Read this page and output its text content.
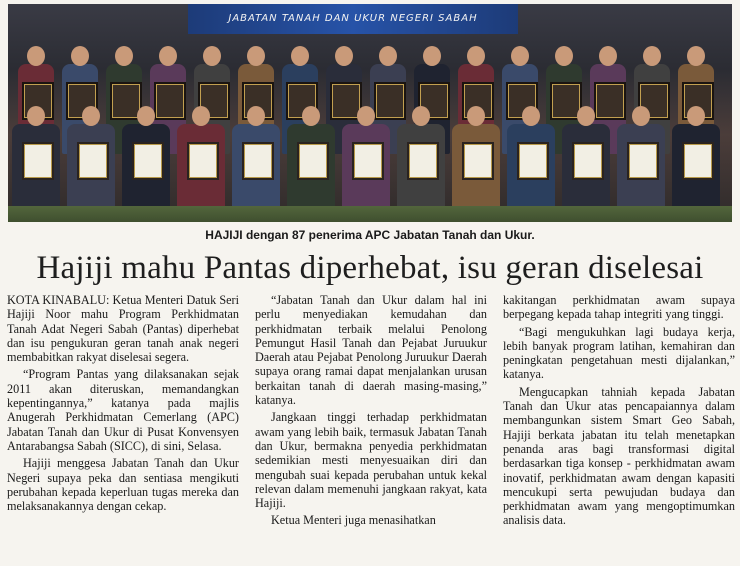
JABATAN TANAH DAN UKUR NEGERI SABAH
HAJIJI dengan 87 penerima APC Jabatan Tanah dan Ukur.
Hajiji mahu Pantas diperhebat, isu geran diselesai

KOTA KINABALU: Ketua Menteri Datuk Seri Hajiji Noor mahu Program Perkhidmatan Tanah Adat Negeri Sabah (Pantas) diperhebat dan isu pengukuran geran tanah anak negeri membabitkan rakyat diselesai segera.

“Program Pantas yang dilaksanakan sejak 2011 akan diteruskan, memandangkan kepentingannya,” katanya pada majlis Anugerah Perkhidmatan Cemerlang (APC) Jabatan Tanah dan Ukur di Pusat Konvensyen Antarabangsa Sabah (SICC), di sini, Selasa.

Hajiji menggesa Jabatan Tanah dan Ukur Negeri supaya peka dan sentiasa mengikuti perubahan kepada keperluan tugas mereka dan melaksanakannya dengan cekap.

“Jabatan Tanah dan Ukur dalam hal ini perlu menyediakan kemudahan dan perkhidmatan terbaik melalui Penolong Pemungut Hasil Tanah dan Pejabat Juruukur Daerah atau Pejabat Penolong Juruukur Daerah supaya orang ramai dapat menjalankan urusan berkaitan tanah di daerah masing-masing,” katanya.

Jangkaan tinggi terhadap perkhidmatan awam yang lebih baik, termasuk Jabatan Tanah dan Ukur, bermakna penyedia perkhidmatan sedemikian mesti menyesuaikan diri dan mengubah suai kepada perubahan untuk kekal relevan dalam memenuhi jangkaan rakyat, kata Hajiji.

Ketua Menteri juga menasihatkan

kakitangan perkhidmatan awam supaya berpegang kepada tahap integriti yang tinggi.

“Bagi mengukuhkan lagi budaya kerja, lebih banyak program latihan, kemahiran dan peningkatan pengetahuan mesti dijalankan,” katanya.

Mengucapkan tahniah kepada Jabatan Tanah dan Ukur atas pencapaiannya dalam membangunkan sistem Smart Geo Sabah, Hajiji berkata jabatan itu telah menetapkan penanda aras bagi transformasi digital berdasarkan tiga konsep - perkhidmatan awam inovatif, perkhidmatan awam dengan kapasiti mencukupi serta pewujudan budaya dan perkhidmatan awam yang mengoptimumkan analisis data.
